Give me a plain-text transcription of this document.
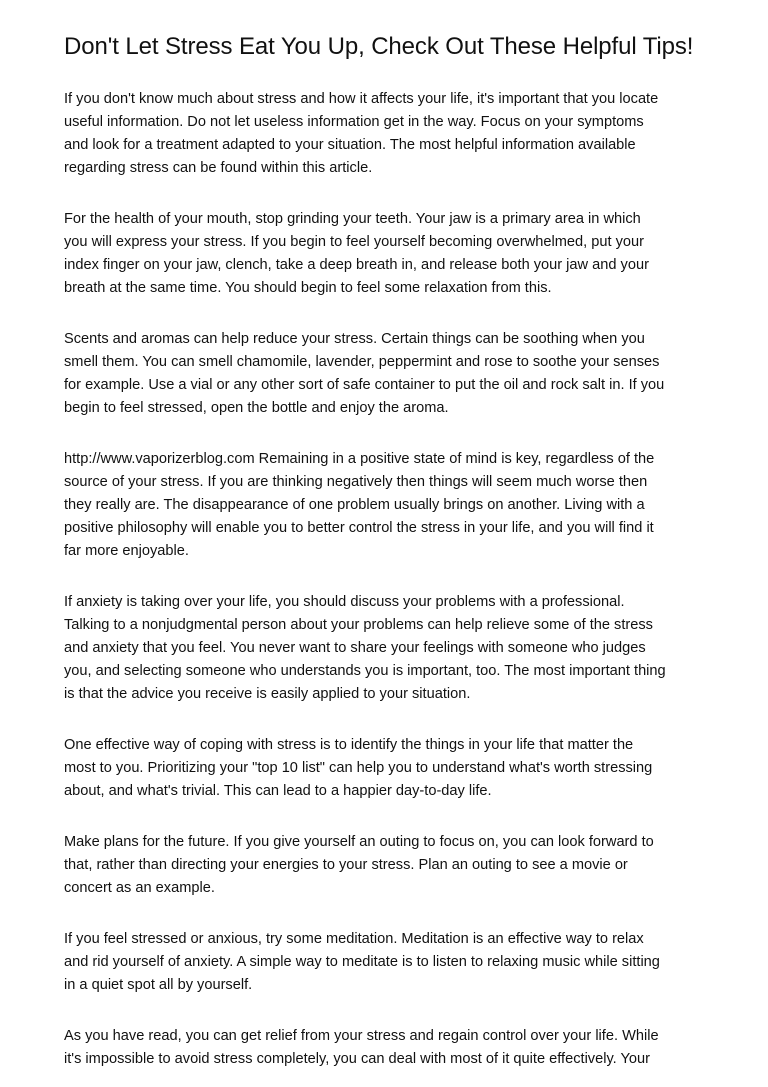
Don't Let Stress Eat You Up, Check Out These Helpful Tips!

If you don't know much about stress and how it affects your life, it's important that you locate
useful information. Do not let useless information get in the way. Focus on your symptoms
and look for a treatment adapted to your situation. The most helpful information available
regarding stress can be found within this article.

For the health of your mouth, stop grinding your teeth. Your jaw is a primary area in which
you will express your stress. If you begin to feel yourself becoming overwhelmed, put your
index finger on your jaw, clench, take a deep breath in, and release both your jaw and your
breath at the same time. You should begin to feel some relaxation from this.

Scents and aromas can help reduce your stress. Certain things can be soothing when you
smell them. You can smell chamomile, lavender, peppermint and rose to soothe your senses
for example. Use a vial or any other sort of safe container to put the oil and rock salt in. If you
begin to feel stressed, open the bottle and enjoy the aroma.

http://www.vaporizerblog.com Remaining in a positive state of mind is key, regardless of the
source of your stress. If you are thinking negatively then things will seem much worse then
they really are. The disappearance of one problem usually brings on another. Living with a
positive philosophy will enable you to better control the stress in your life, and you will find it
far more enjoyable.

If anxiety is taking over your life, you should discuss your problems with a professional.
Talking to a nonjudgmental person about your problems can help relieve some of the stress
and anxiety that you feel. You never want to share your feelings with someone who judges
you, and selecting someone who understands you is important, too. The most important thing
is that the advice you receive is easily applied to your situation.

One effective way of coping with stress is to identify the things in your life that matter the
most to you. Prioritizing your "top 10 list" can help you to understand what's worth stressing
about, and what's trivial. This can lead to a happier day-to-day life.

Make plans for the future. If you give yourself an outing to focus on, you can look forward to
that, rather than directing your energies to your stress. Plan an outing to see a movie or
concert as an example.

If you feel stressed or anxious, try some meditation. Meditation is an effective way to relax
and rid yourself of anxiety. A simple way to meditate is to listen to relaxing music while sitting
in a quiet spot all by yourself.

As you have read, you can get relief from your stress and regain control over your life. While
it's impossible to avoid stress completely, you can deal with most of it quite effectively. Your
